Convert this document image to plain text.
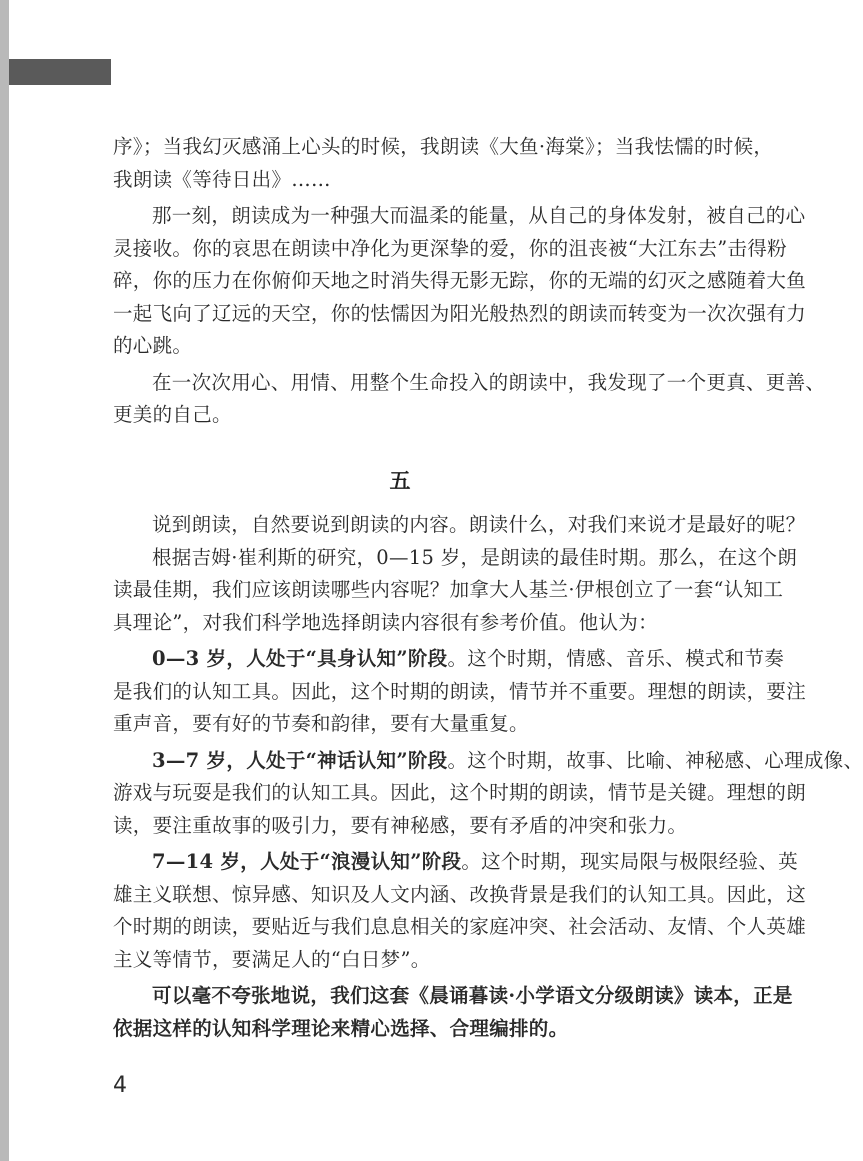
序》；当我幻灭感涌上心头的时候，我朗读《大鱼·海棠》；当我怯懦的时候，

我朗读《等待日出》……

那一刻，朗读成为一种强大而温柔的能量，从自己的身体发射，被自己的心

灵接收。你的哀思在朗读中净化为更深挚的爱，你的沮丧被“大江东去”击得粉

碎，你的压力在你俯仰天地之时消失得无影无踪，你的无端的幻灭之感随着大鱼

一起飞向了辽远的天空，你的怯懦因为阳光般热烈的朗读而转变为一次次强有力

的心跳。

在一次次用心、用情、用整个生命投入的朗读中，我发现了一个更真、更善、

更美的自己。

五

说到朗读，自然要说到朗读的内容。朗读什么，对我们来说才是最好的呢？

根据吉姆·崔利斯的研究，0—15 岁，是朗读的最佳时期。那么，在这个朗

读最佳期，我们应该朗读哪些内容呢？加拿大人基兰·伊根创立了一套“认知工

具理论”，对我们科学地选择朗读内容很有参考价值。他认为：

0—3 岁，人处于“具身认知”阶段。这个时期，情感、音乐、模式和节奏

是我们的认知工具。因此，这个时期的朗读，情节并不重要。理想的朗读，要注

重声音，要有好的节奏和韵律，要有大量重复。

3—7 岁，人处于“神话认知”阶段。这个时期，故事、比喻、神秘感、心理成像、

游戏与玩耍是我们的认知工具。因此，这个时期的朗读，情节是关键。理想的朗

读，要注重故事的吸引力，要有神秘感，要有矛盾的冲突和张力。

7—14 岁，人处于“浪漫认知”阶段。这个时期，现实局限与极限经验、英

雄主义联想、惊异感、知识及人文内涵、改换背景是我们的认知工具。因此，这

个时期的朗读，要贴近与我们息息相关的家庭冲突、社会活动、友情、个人英雄

主义等情节，要满足人的“白日梦”。

可以毫不夸张地说，我们这套《晨诵暮读·小学语文分级朗读》读本，正是

依据这样的认知科学理论来精心选择、合理编排的。

4
